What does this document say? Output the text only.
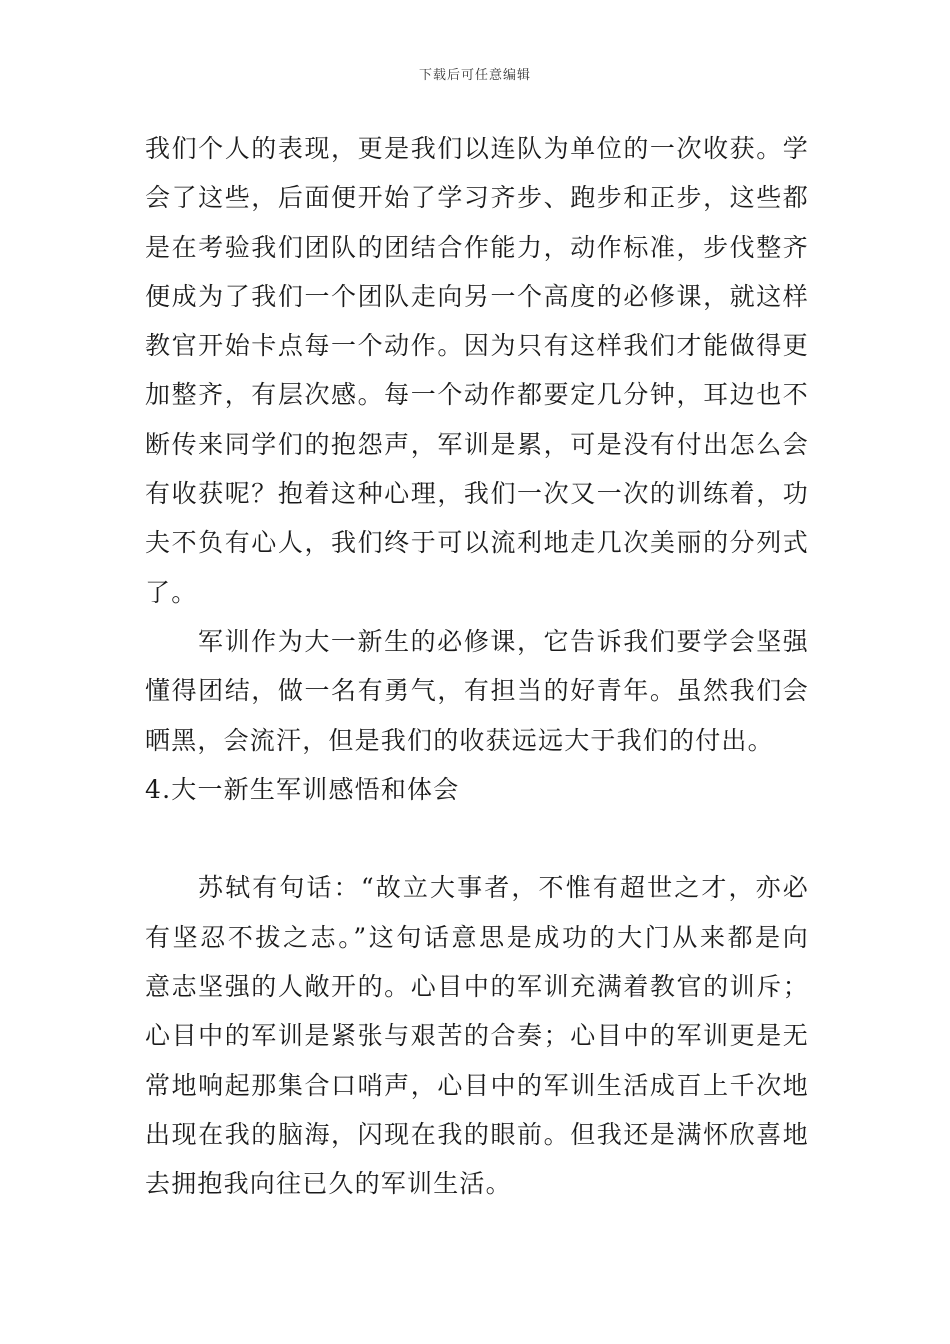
下载后可任意编辑
我们个人的表现，更是我们以连队为单位的一次收获。学
会了这些，后面便开始了学习齐步、跑步和正步，这些都
是在考验我们团队的团结合作能力，动作标准，步伐整齐
便成为了我们一个团队走向另一个高度的必修课，就这样
教官开始卡点每一个动作。因为只有这样我们才能做得更
加整齐，有层次感。每一个动作都要定几分钟，耳边也不
断传来同学们的抱怨声，军训是累，可是没有付出怎么会
有收获呢？抱着这种心理，我们一次又一次的训练着，功
夫不负有心人，我们终于可以流利地走几次美丽的分列式
了。
军训作为大一新生的必修课，它告诉我们要学会坚强
懂得团结，做一名有勇气，有担当的好青年。虽然我们会
晒黑，会流汗，但是我们的收获远远大于我们的付出。
4.大一新生军训感悟和体会
苏轼有句话：“故立大事者，不惟有超世之才，亦必
有坚忍不拔之志。”这句话意思是成功的大门从来都是向
意志坚强的人敞开的。心目中的军训充满着教官的训斥；
心目中的军训是紧张与艰苦的合奏；心目中的军训更是无
常地响起那集合口哨声，心目中的军训生活成百上千次地
出现在我的脑海，闪现在我的眼前。但我还是满怀欣喜地
去拥抱我向往已久的军训生活。
